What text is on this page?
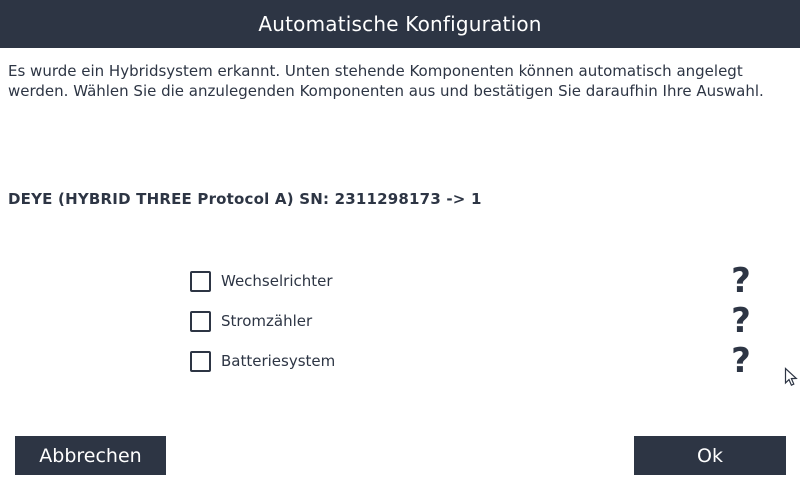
Automatische Konfiguration
Es wurde ein Hybridsystem erkannt. Unten stehende Komponenten können automatisch angelegt werden. Wählen Sie die anzulegenden Komponenten aus und bestätigen Sie daraufhin Ihre Auswahl.
DEYE (HYBRID THREE Protocol A) SN: 2311298173 -> 1
Wechselrichter
Stromzähler
Batteriesystem
?
?
?
Abbrechen	Ok
